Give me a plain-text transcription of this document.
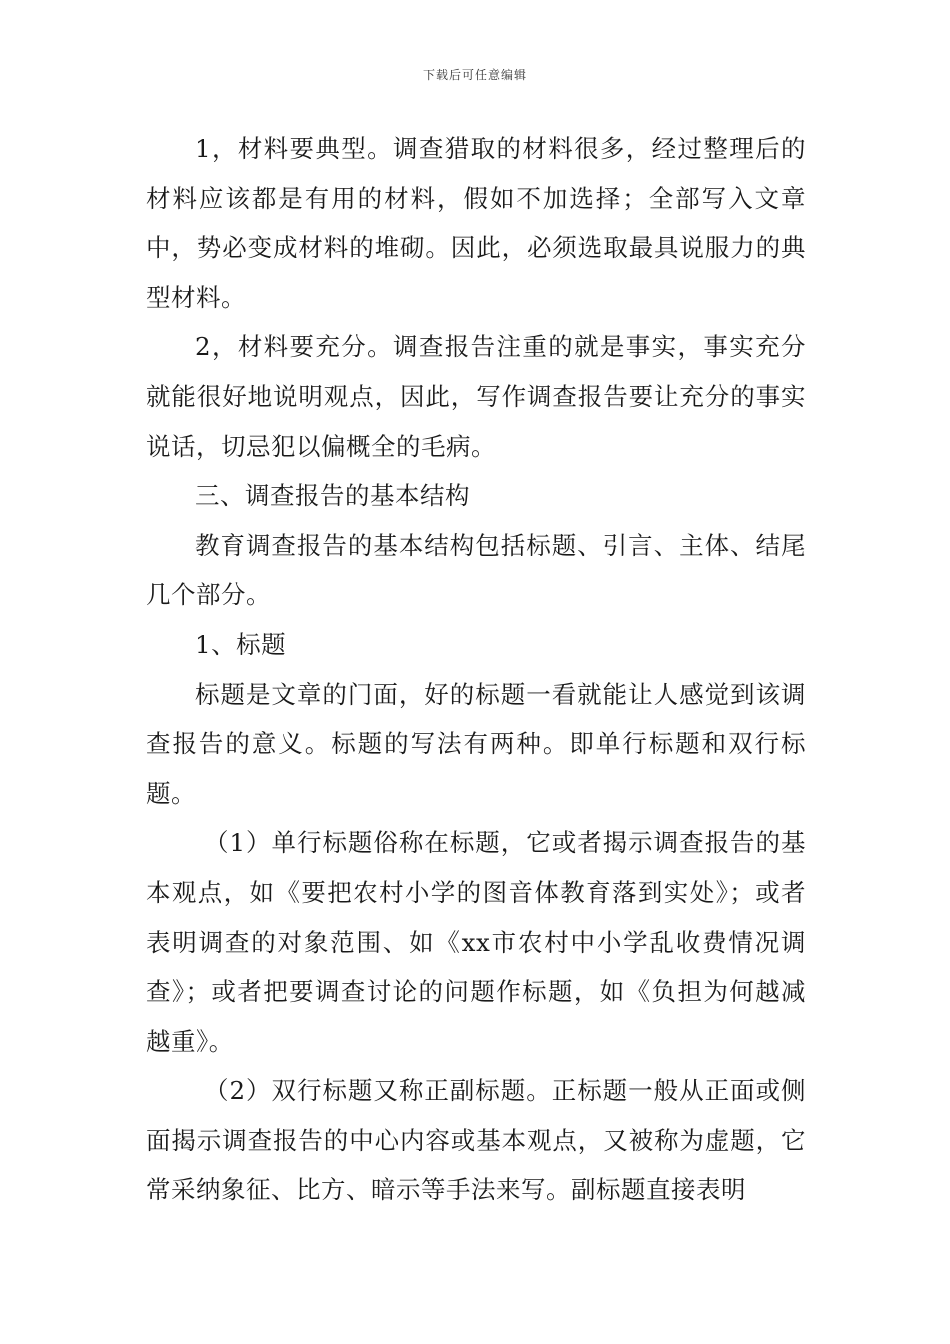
下载后可任意编辑

1，材料要典型。调查猎取的材料很多，经过整理后的材料应该都是有用的材料，假如不加选择；全部写入文章中，势必变成材料的堆砌。因此，必须选取最具说服力的典型材料。

2，材料要充分。调查报告注重的就是事实，事实充分就能很好地说明观点，因此，写作调查报告要让充分的事实说话，切忌犯以偏概全的毛病。

三、调查报告的基本结构

教育调查报告的基本结构包括标题、引言、主体、结尾几个部分。

1、标题

标题是文章的门面，好的标题一看就能让人感觉到该调查报告的意义。标题的写法有两种。即单行标题和双行标题。

（1）单行标题俗称在标题，它或者揭示调查报告的基本观点，如《要把农村小学的图音体教育落到实处》；或者表明调查的对象范围、如《xx市农村中小学乱收费情况调查》；或者把要调查讨论的问题作标题，如《负担为何越减越重》。

（2）双行标题又称正副标题。正标题一般从正面或侧面揭示调查报告的中心内容或基本观点，又被称为虚题，它常采纳象征、比方、暗示等手法来写。副标题直接表明
